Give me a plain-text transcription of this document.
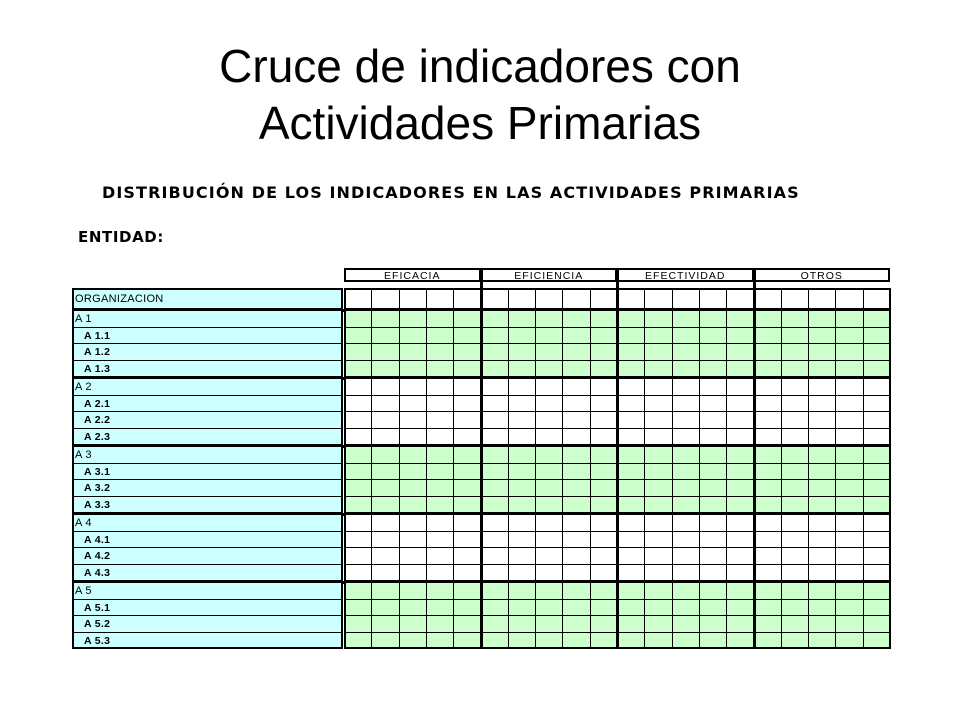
Cruce de indicadores con
Actividades Primarias
DISTRIBUCIÓN DE LOS INDICADORES EN LAS ACTIVIDADES PRIMARIAS
ENTIDAD:
EFICACIA	EFICIENCIA	EFECTIVIDAD	OTROS
ORGANIZACION
A 1
A 1.1
A 1.2
A 1.3
A 2
A 2.1
A 2.2
A 2.3
A 3
A 3.1
A 3.2
A 3.3
A 4
A 4.1
A 4.2
A 4.3
A 5
A 5.1
A 5.2
A 5.3
